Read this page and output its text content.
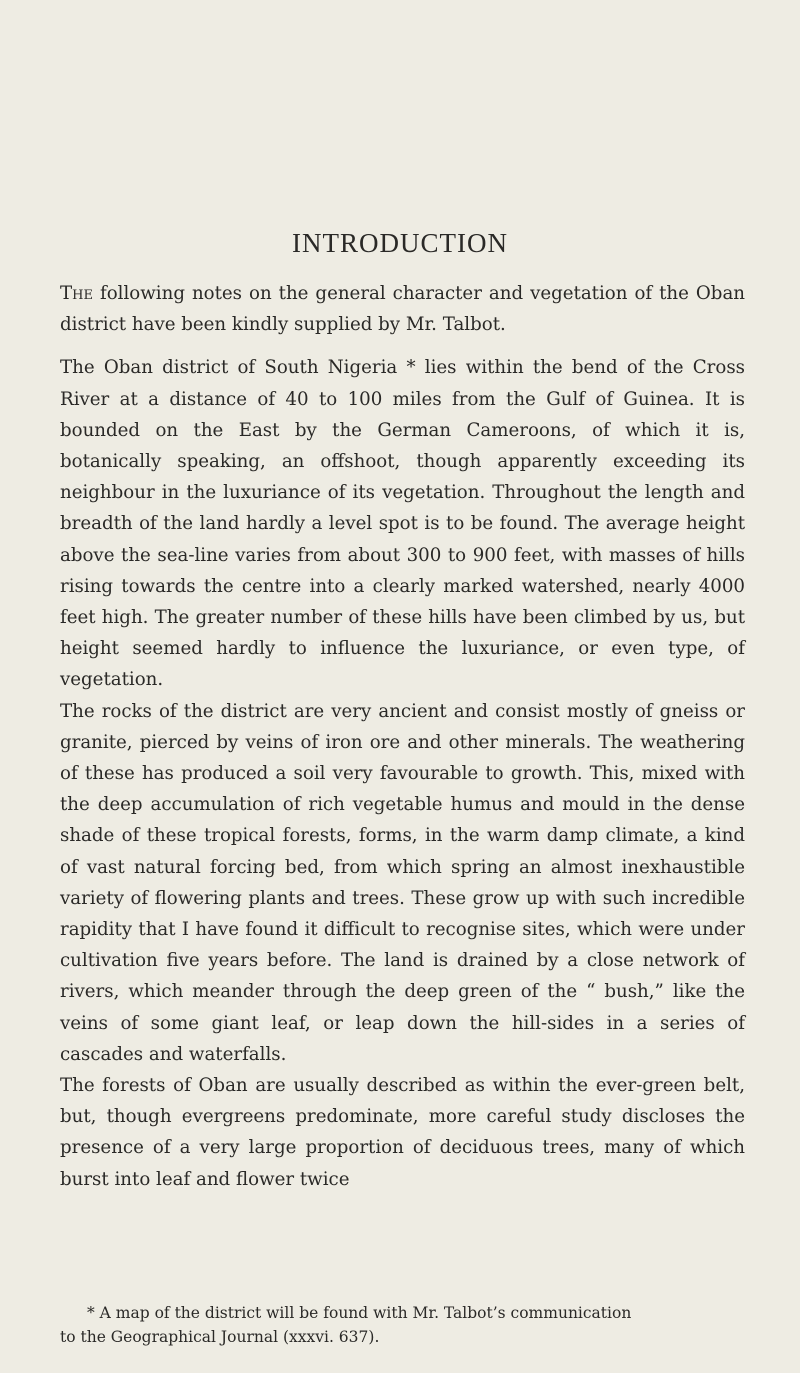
INTRODUCTION

The following notes on the general character and vegetation of the Oban district have been kindly supplied by Mr. Talbot.

The Oban district of South Nigeria * lies within the bend of the Cross River at a distance of 40 to 100 miles from the Gulf of Guinea. It is bounded on the East by the German Cameroons, of which it is, botanically speaking, an offshoot, though apparently exceeding its neighbour in the luxuriance of its vegetation. Throughout the length and breadth of the land hardly a level spot is to be found. The average height above the sea-line varies from about 300 to 900 feet, with masses of hills rising towards the centre into a clearly marked watershed, nearly 4000 feet high. The greater number of these hills have been climbed by us, but height seemed hardly to influence the luxuriance, or even type, of vegetation.

The rocks of the district are very ancient and consist mostly of gneiss or granite, pierced by veins of iron ore and other minerals. The weathering of these has produced a soil very favourable to growth. This, mixed with the deep accumulation of rich vegetable humus and mould in the dense shade of these tropical forests, forms, in the warm damp climate, a kind of vast natural forcing bed, from which spring an almost inexhaustible variety of flowering plants and trees. These grow up with such incredible rapidity that I have found it difficult to recognise sites, which were under cultivation five years before. The land is drained by a close network of rivers, which meander through the deep green of the “ bush,” like the veins of some giant leaf, or leap down the hill-sides in a series of cascades and waterfalls.

The forests of Oban are usually described as within the ever-green belt, but, though evergreens predominate, more careful study discloses the presence of a very large proportion of deciduous trees, many of which burst into leaf and flower twice

* A map of the district will be found with Mr. Talbot’s communication
to the Geographical Journal (xxxvi. 637).
